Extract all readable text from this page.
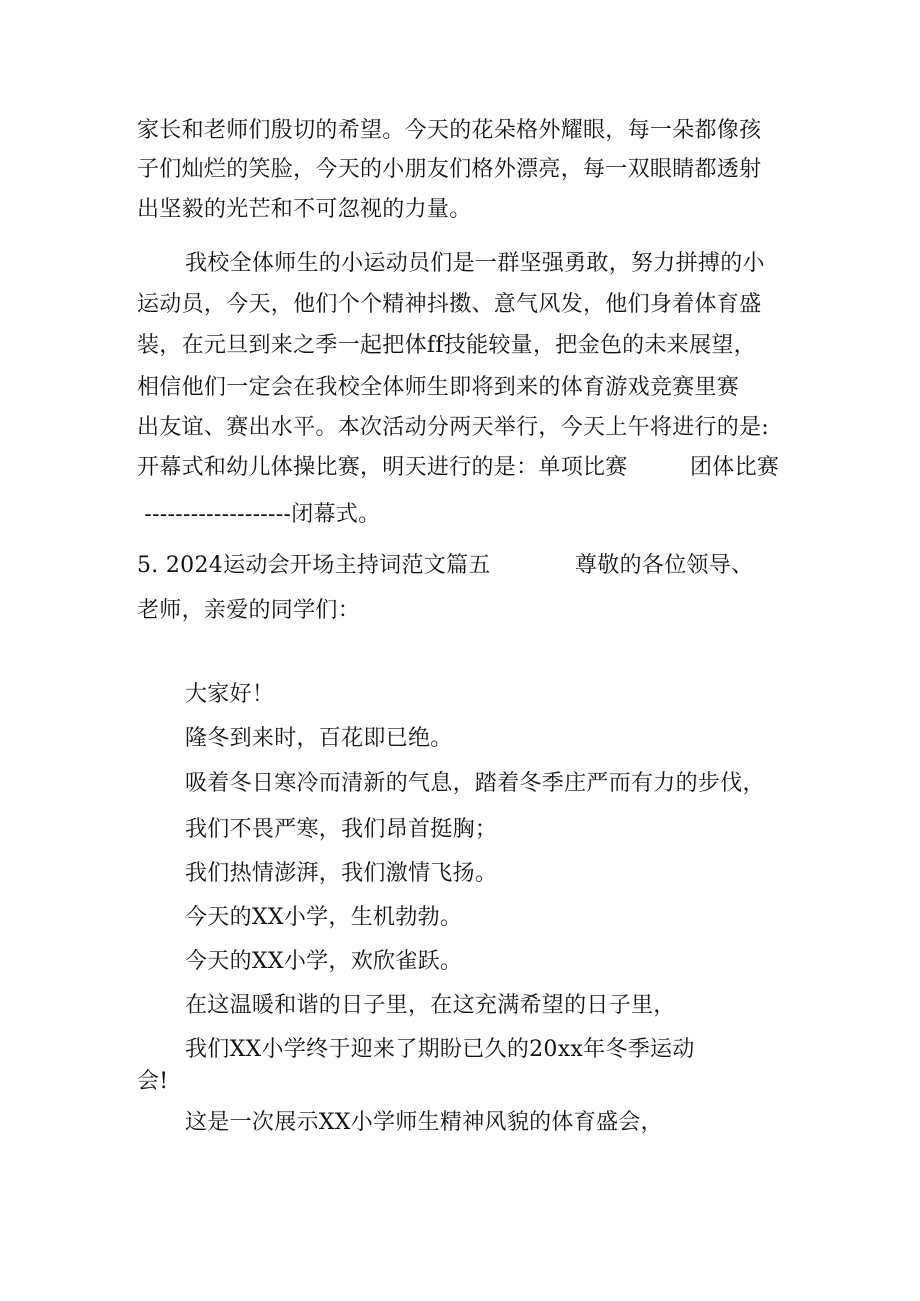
家长和老师们殷切的希望。今天的花朵格外耀眼，每一朵都像孩
子们灿烂的笑脸，今天的小朋友们格外漂亮，每一双眼睛都透射
出坚毅的光芒和不可忽视的力量。
我校全体师生的小运动员们是一群坚强勇敢，努力拼搏的小
运动员，今天，他们个个精神抖擞、意气风发，他们身着体育盛
装，在元旦到来之季一起把体ff技能较量，把金色的未来展望，
相信他们一定会在我校全体师生即将到来的体育游戏竞赛里赛
出友谊、赛出水平。本次活动分两天举行，今天上午将进行的是:
开幕式和幼儿体操比赛，明天进行的是：单项比赛	团体比赛
-------------------闭幕式。
5. 2024运动会开场主持词范文篇五	尊敬的各位领导、
老师，亲爱的同学们：
大家好！
隆冬到来时，百花即已绝。
吸着冬日寒冷而清新的气息，踏着冬季庄严而有力的步伐，
我们不畏严寒，我们昂首挺胸；
我们热情澎湃，我们激情飞扬。
今天的XX小学，生机勃勃。
今天的XX小学，欢欣雀跃。
在这温暖和谐的日子里，在这充满希望的日子里，
我们XX小学终于迎来了期盼已久的20xx年冬季运动
会!
这是一次展示XX小学师生精神风貌的体育盛会，
